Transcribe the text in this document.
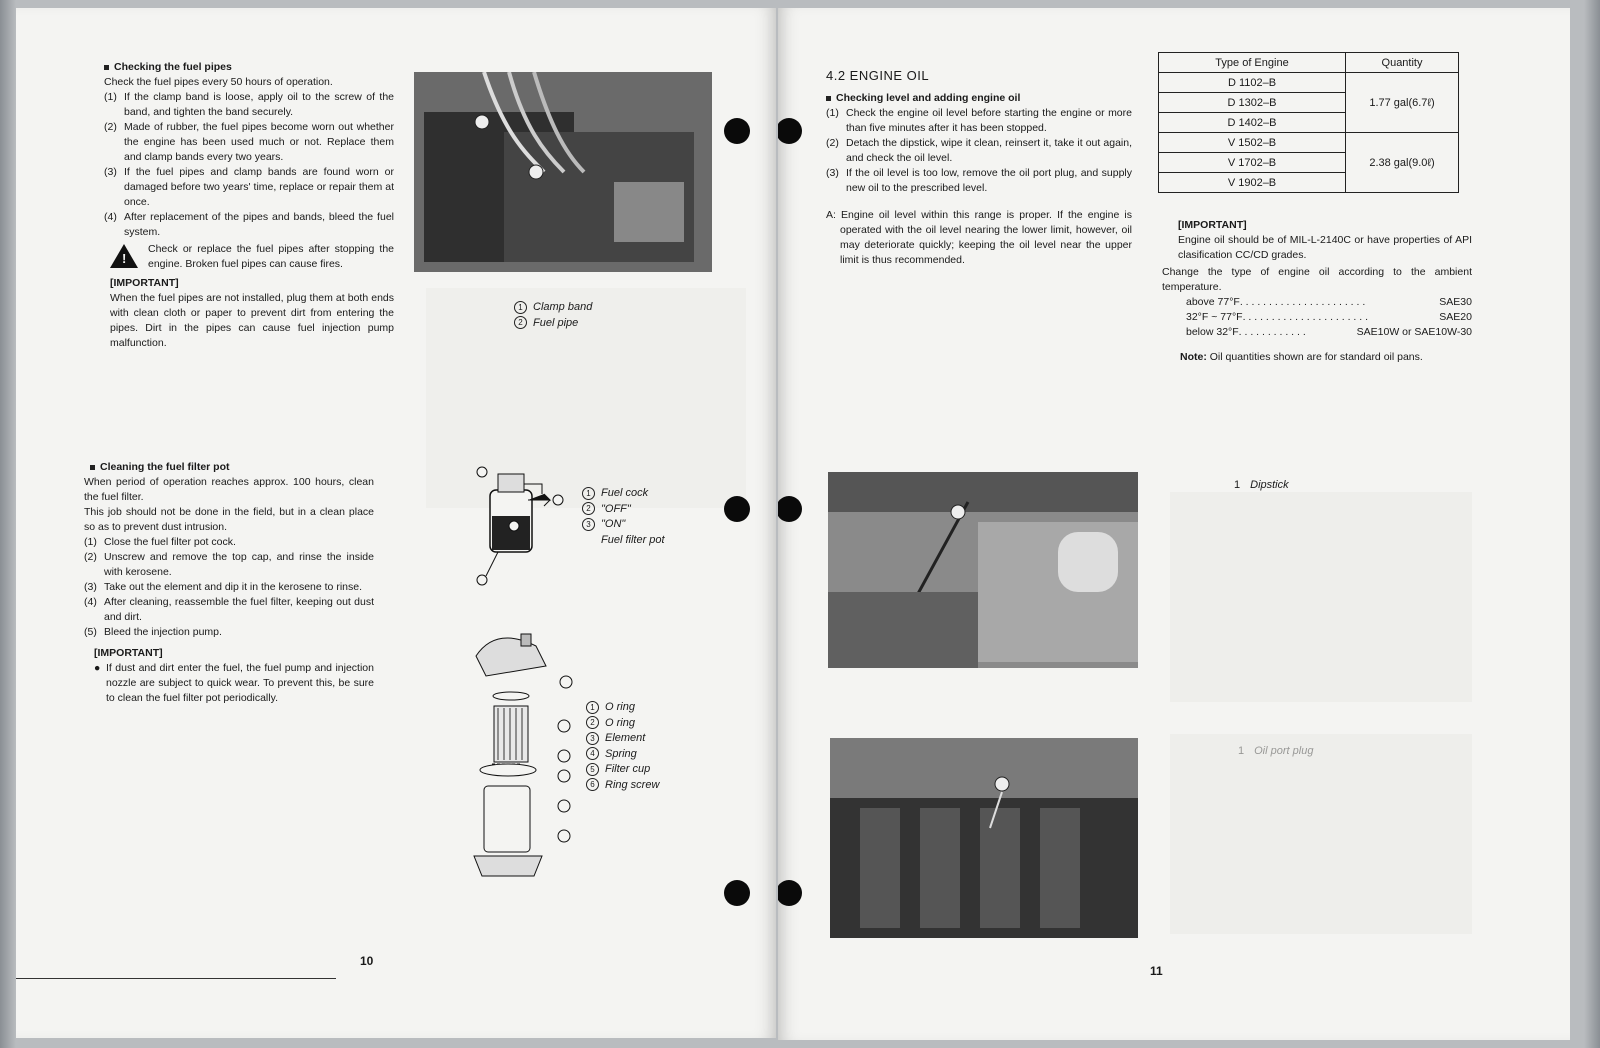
Checking the fuel pipes
Check the fuel pipes every 50 hours of operation.
(1) If the clamp band is loose, apply oil to the screw of the band, and tighten the band securely.
(2) Made of rubber, the fuel pipes become worn out whether the engine has been used much or not. Replace them and clamp bands every two years.
(3) If the fuel pipes and clamp bands are found worn or damaged before two years' time, replace or repair them at once.
(4) After replacement of the pipes and bands, bleed the fuel system.
!
Check or replace the fuel pipes after stopping the engine. Broken fuel pipes can cause fires.
[IMPORTANT]
When the fuel pipes are not installed, plug them at both ends with clean cloth or paper to prevent dirt from entering the pipes. Dirt in the pipes can cause fuel injection pump malfunction.
1 Clamp band
2 Fuel pipe
Cleaning the fuel filter pot
When period of operation reaches approx. 100 hours, clean the fuel filter.
This job should not be done in the field, but in a clean place so as to prevent dust intrusion.
(1) Close the fuel filter pot cock.
(2) Unscrew and remove the top cap, and rinse the inside with kerosene.
(3) Take out the element and dip it in the kerosene to rinse.
(4) After cleaning, reassemble the fuel filter, keeping out dust and dirt.
(5) Bleed the injection pump.
[IMPORTANT]
● If dust and dirt enter the fuel, the fuel pump and injection nozzle are subject to quick wear. To prevent this, be sure to clean the fuel filter pot periodically.
1 Fuel cock
2 "OFF"
3 "ON"
Fuel filter pot
1 O ring
2 O ring
3 Element
4 Spring
5 Filter cup
6 Ring screw
10
4.2 ENGINE OIL
Checking level and adding engine oil
(1) Check the engine oil level before starting the engine or more than five minutes after it has been stopped.
(2) Detach the dipstick, wipe it clean, reinsert it, take it out again, and check the oil level.
(3) If the oil level is too low, remove the oil port plug, and supply new oil to the prescribed level.
A: Engine oil level within this range is proper. If the engine is operated with the oil level nearing the lower limit, however, oil may deteriorate quickly; keeping the oil level near the upper limit is thus recommended.
Type of Engine	Quantity
D 1102–B	1.77 gal(6.7ℓ)
D 1302–B	
D 1402–B	
V 1502–B	2.38 gal(9.0ℓ)
V 1702–B	
V 1902–B	
[IMPORTANT]
Engine oil should be of MIL-L-2140C or have properties of API clasification CC/CD grades.
Change the type of engine oil according to the ambient temperature.
above 77°F . . . . . . . . . . . . . . . . . . . . . .	SAE30
32°F ~ 77°F . . . . . . . . . . . . . . . . . . . . . .	SAE20
below 32°F . . . . . . . . . . . .	SAE10W or SAE10W-30
Note: Oil quantities shown are for standard oil pans.
1 Dipstick
11
